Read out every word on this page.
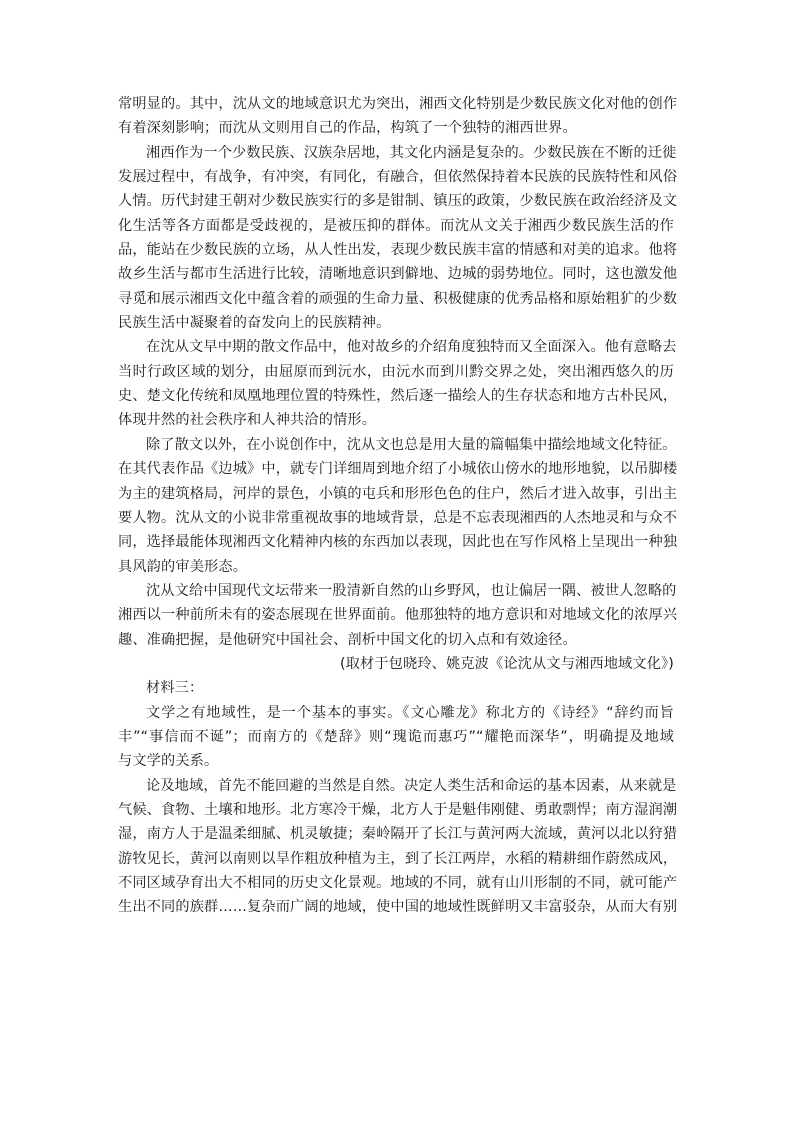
常明显的。其中，沈从文的地域意识尤为突出，湘西文化特别是少数民族文化对他的创作
有着深刻影响；而沈从文则用自己的作品，构筑了一个独特的湘西世界。
湘西作为一个少数民族、汉族杂居地，其文化内涵是复杂的。少数民族在不断的迁徙
发展过程中，有战争，有冲突，有同化，有融合，但依然保持着本民族的民族特性和风俗
人情。历代封建王朝对少数民族实行的多是钳制、镇压的政策，少数民族在政治经济及文
化生活等各方面都是受歧视的，是被压抑的群体。而沈从文关于湘西少数民族生活的作
品，能站在少数民族的立场，从人性出发，表现少数民族丰富的情感和对美的追求。他将
故乡生活与都市生活进行比较，清晰地意识到僻地、边城的弱势地位。同时，这也激发他
寻觅和展示湘西文化中蕴含着的顽强的生命力量、积极健康的优秀品格和原始粗犷的少数
民族生活中凝聚着的奋发向上的民族精神。
在沈从文早中期的散文作品中，他对故乡的介绍角度独特而又全面深入。他有意略去
当时行政区域的划分，由屈原而到沅水，由沅水而到川黔交界之处，突出湘西悠久的历
史、楚文化传统和凤凰地理位置的特殊性，然后逐一描绘人的生存状态和地方古朴民风，
体现井然的社会秩序和人神共洽的情形。
除了散文以外，在小说创作中，沈从文也总是用大量的篇幅集中描绘地域文化特征。
在其代表作品《边城》中，就专门详细周到地介绍了小城依山傍水的地形地貌，以吊脚楼
为主的建筑格局，河岸的景色，小镇的屯兵和形形色色的住户，然后才进入故事，引出主
要人物。沈从文的小说非常重视故事的地域背景，总是不忘表现湘西的人杰地灵和与众不
同，选择最能体现湘西文化精神内核的东西加以表现，因此也在写作风格上呈现出一种独
具风韵的审美形态。
沈从文给中国现代文坛带来一股清新自然的山乡野风，也让偏居一隅、被世人忽略的
湘西以一种前所未有的姿态展现在世界面前。他那独特的地方意识和对地域文化的浓厚兴
趣、准确把握，是他研究中国社会、剖析中国文化的切入点和有效途径。
(取材于包晓玲、姚克波《论沈从文与湘西地域文化》)
材料三：
文学之有地域性，是一个基本的事实。《文心雕龙》称北方的《诗经》“辞约而旨
丰”“事信而不诞”；而南方的《楚辞》则“瑰诡而惠巧”“耀艳而深华”，明确提及地域
与文学的关系。
论及地域，首先不能回避的当然是自然。决定人类生活和命运的基本因素，从来就是
气候、食物、土壤和地形。北方寒冷干燥，北方人于是魁伟刚健、勇敢剽悍；南方湿润潮
湿，南方人于是温柔细腻、机灵敏捷；秦岭隔开了长江与黄河两大流域，黄河以北以狩猎
游牧见长，黄河以南则以旱作粗放种植为主，到了长江两岸，水稻的精耕细作蔚然成风，
不同区域孕育出大不相同的历史文化景观。地域的不同，就有山川形制的不同，就可能产
生出不同的族群……复杂而广阔的地域，使中国的地域性既鲜明又丰富驳杂，从而大有别
